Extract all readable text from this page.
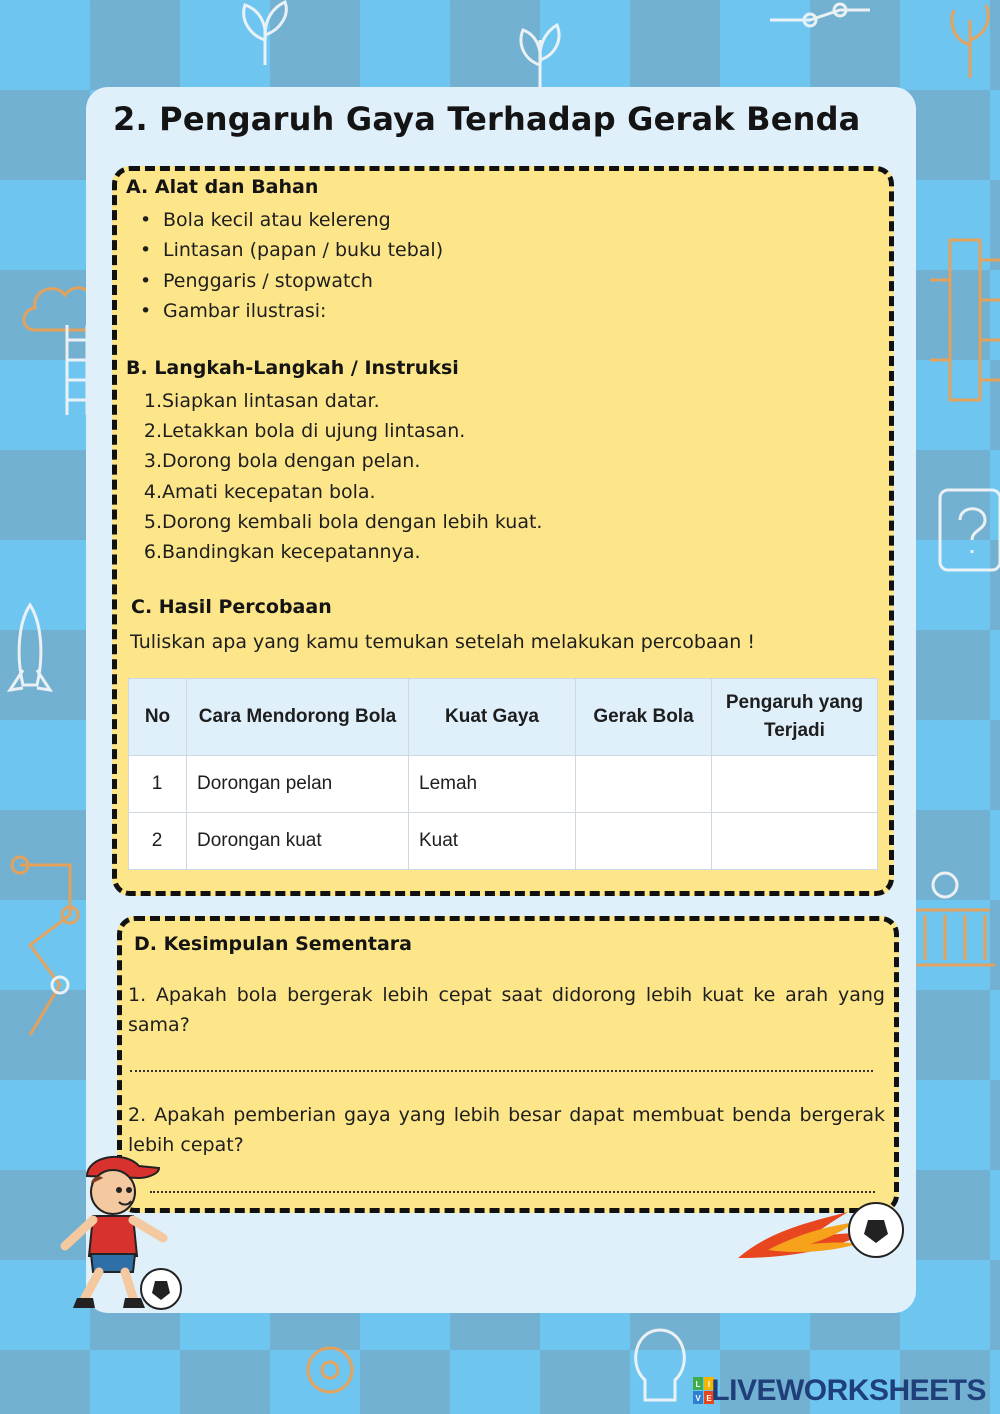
2. Pengaruh Gaya Terhadap Gerak Benda

A. Alat dan Bahan

• Bola kecil atau kelereng
• Lintasan (papan / buku tebal)
• Penggaris / stopwatch
• Gambar ilustrasi:

B. Langkah-Langkah / Instruksi

1. Siapkan lintasan datar.
2. Letakkan bola di ujung lintasan.
3. Dorong bola dengan pelan.
4. Amati kecepatan bola.
5. Dorong kembali bola dengan lebih kuat.
6. Bandingkan kecepatannya.

C. Hasil Percobaan

Tuliskan apa yang kamu temukan setelah melakukan percobaan !

No	Cara Mendorong Bola	Kuat Gaya	Gerak Bola	Pengaruh yang Terjadi
1	Dorongan pelan	Lemah		
2	Dorongan kuat	Kuat		

D. Kesimpulan Sementara

1. Apakah bola bergerak lebih cepat saat didorong lebih kuat ke arah yang sama?

2. Apakah pemberian gaya yang lebih besar dapat membuat benda bergerak lebih cepat?

L I
V E LIVEWORKSHEETS
